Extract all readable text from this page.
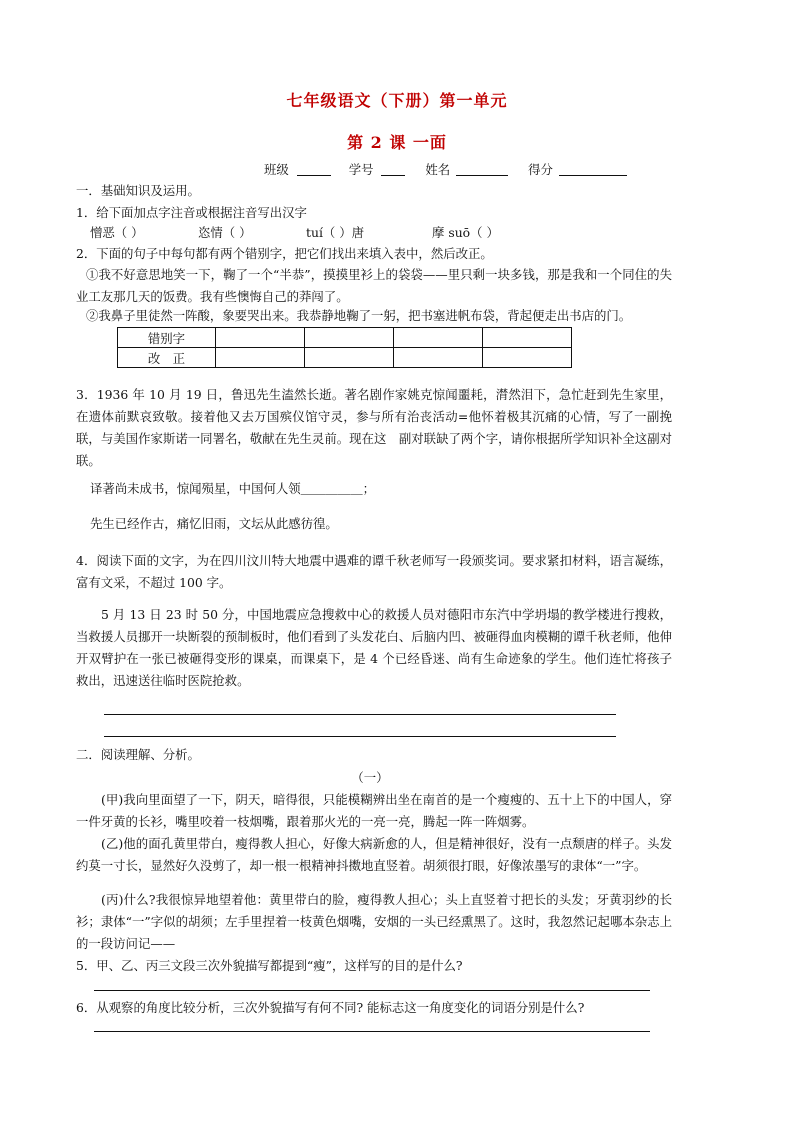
七年级语文（下册）第一单元
第 2 课 一面
班级	学号	姓名	得分
一．基础知识及运用。
1．给下面加点字注音或根据注音写出汉字
憎恶（ ）	恣情（ ）	tuí（ ）唐	摩 suō（ ）
2．下面的句子中每句都有两个错别字，把它们找出来填入表中，然后改正。

①我不好意思地笑一下，鞠了一个“半恭”，摸摸里衫上的袋袋——里只剩一块多钱，那是我和一个同住的失业工友那几天的饭费。我有些懊悔自己的莽闯了。

②我鼻子里徒然一阵酸，象要哭出来。我恭静地鞠了一躬，把书塞进帆布袋，背起便走出书店的门。

错别字				
改　正				

3．1936 年 10 月 19 日，鲁迅先生溘然长逝。著名剧作家姚克惊闻噩耗，潸然泪下，急忙赶到先生家里，在遗体前默哀致敬。接着他又去万国殡仪馆守灵，参与所有治丧活动=他怀着极其沉痛的心情，写了一副挽联，与美国作家斯诺一同署名，敬献在先生灵前。现在这　副对联缺了两个字，请你根据所学知识补全这副对联。

译著尚未成书，惊闻殒星，中国何人领＿＿＿＿＿；
先生已经作古，痛忆旧雨，文坛从此感彷徨。

4．阅读下面的文字，为在四川汶川特大地震中遇难的谭千秋老师写一段颁奖词。要求紧扣材料，语言凝练，富有文采，不超过 100 字。

5 月 13 日 23 时 50 分，中国地震应急搜救中心的救援人员对德阳市东汽中学坍塌的教学楼进行搜救，当救援人员挪开一块断裂的预制板时，他们看到了头发花白、后脑内凹、被砸得血肉模糊的谭千秋老师，他伸开双臂护在一张已被砸得变形的课桌，而课桌下，是 4 个已经昏迷、尚有生命迹象的学生。他们连忙将孩子救出，迅速送往临时医院抢救。

二．阅读理解、分析。
（一）

(甲)我向里面望了一下，阴天，暗得很，只能模糊辨出坐在南首的是一个瘦瘦的、五十上下的中国人，穿一件牙黄的长衫，嘴里咬着一枝烟嘴，跟着那火光的一亮一亮，腾起一阵一阵烟雾。

(乙)他的面孔黄里带白，瘦得教人担心，好像大病新愈的人，但是精神很好，没有一点颓唐的样子。头发约莫一寸长，显然好久没剪了，却一根一根精神抖擞地直竖着。胡须很打眼，好像浓墨写的隶体“一”字。

(丙)什么?我很惊异地望着他：黄里带白的脸，瘦得教人担心；头上直竖着寸把长的头发；牙黄羽纱的长衫；隶体“一”字似的胡须；左手里捏着一枝黄色烟嘴，安烟的一头已经熏黑了。这时，我忽然记起哪本杂志上的一段访问记——

5．甲、乙、丙三文段三次外貌描写都提到“瘦”，这样写的目的是什么?
6．从观察的角度比较分析，三次外貌描写有何不同? 能标志这一角度变化的词语分别是什么?
